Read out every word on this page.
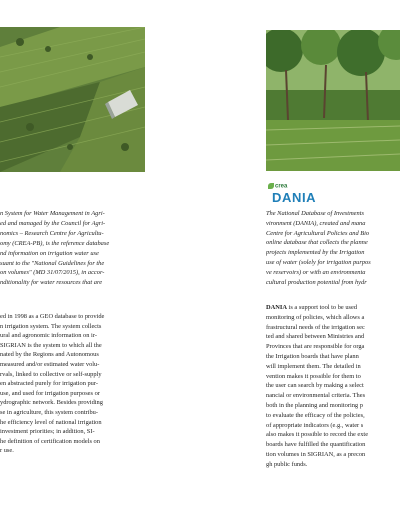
n System for Water Management in Agri-
ed and managed by the Council for Agri-
nomics – Research Centre for Agricultu-
omy (CREA-PB), is the reference database
nd information on irrigation water use
suant to the "National Guidelines for the
on volumes" (MD 31/07/2015), in accor-
nditionality for water resources that are
ed in 1998 as a GEO database to provide
n irrigation system. The system collects
ural and agronomic information on ir-
SIGRIAN is the system to which all the
nated by the Regions and Autonomous
measured and/or estimated water volu-
rvals, linked to collective or self-supply
en abstracted purely for irrigation pur-
use, and used for irrigation purposes or
ydrographic network. Besides providing
se in agriculture, this system contribu-
he efficiency level of national irrigation
investment priorities; in addition, SI-
he definition of certification models on
r use.
crea
DANIA
The National Database of Investments
vironment (DANIA), created and mana
Centre for Agricultural Policies and Bio
online database that collects the planne
projects implemented by the Irrigation
use of water (solely for irrigation purpos
ve reservoirs) or with an environmenta
cultural production potential from hydr
DANIA is a support tool to be used
monitoring of policies, which allows a
frastructural needs of the irrigation sec
ted and shared between Ministries and
Provinces that are responsible for orga
the Irrigation boards that have plann
will implement them. The detailed in
vention makes it possible for them to
the user can search by making a select
nancial or environmental criteria. Thes
both in the planning and monitoring p
to evaluate the efficacy of the policies,
of appropriate indicators (e.g., water s
also makes it possible to record the exte
boards have fulfilled the quantification
tion volumes in SIGRIAN, as a precon
gh public funds.
